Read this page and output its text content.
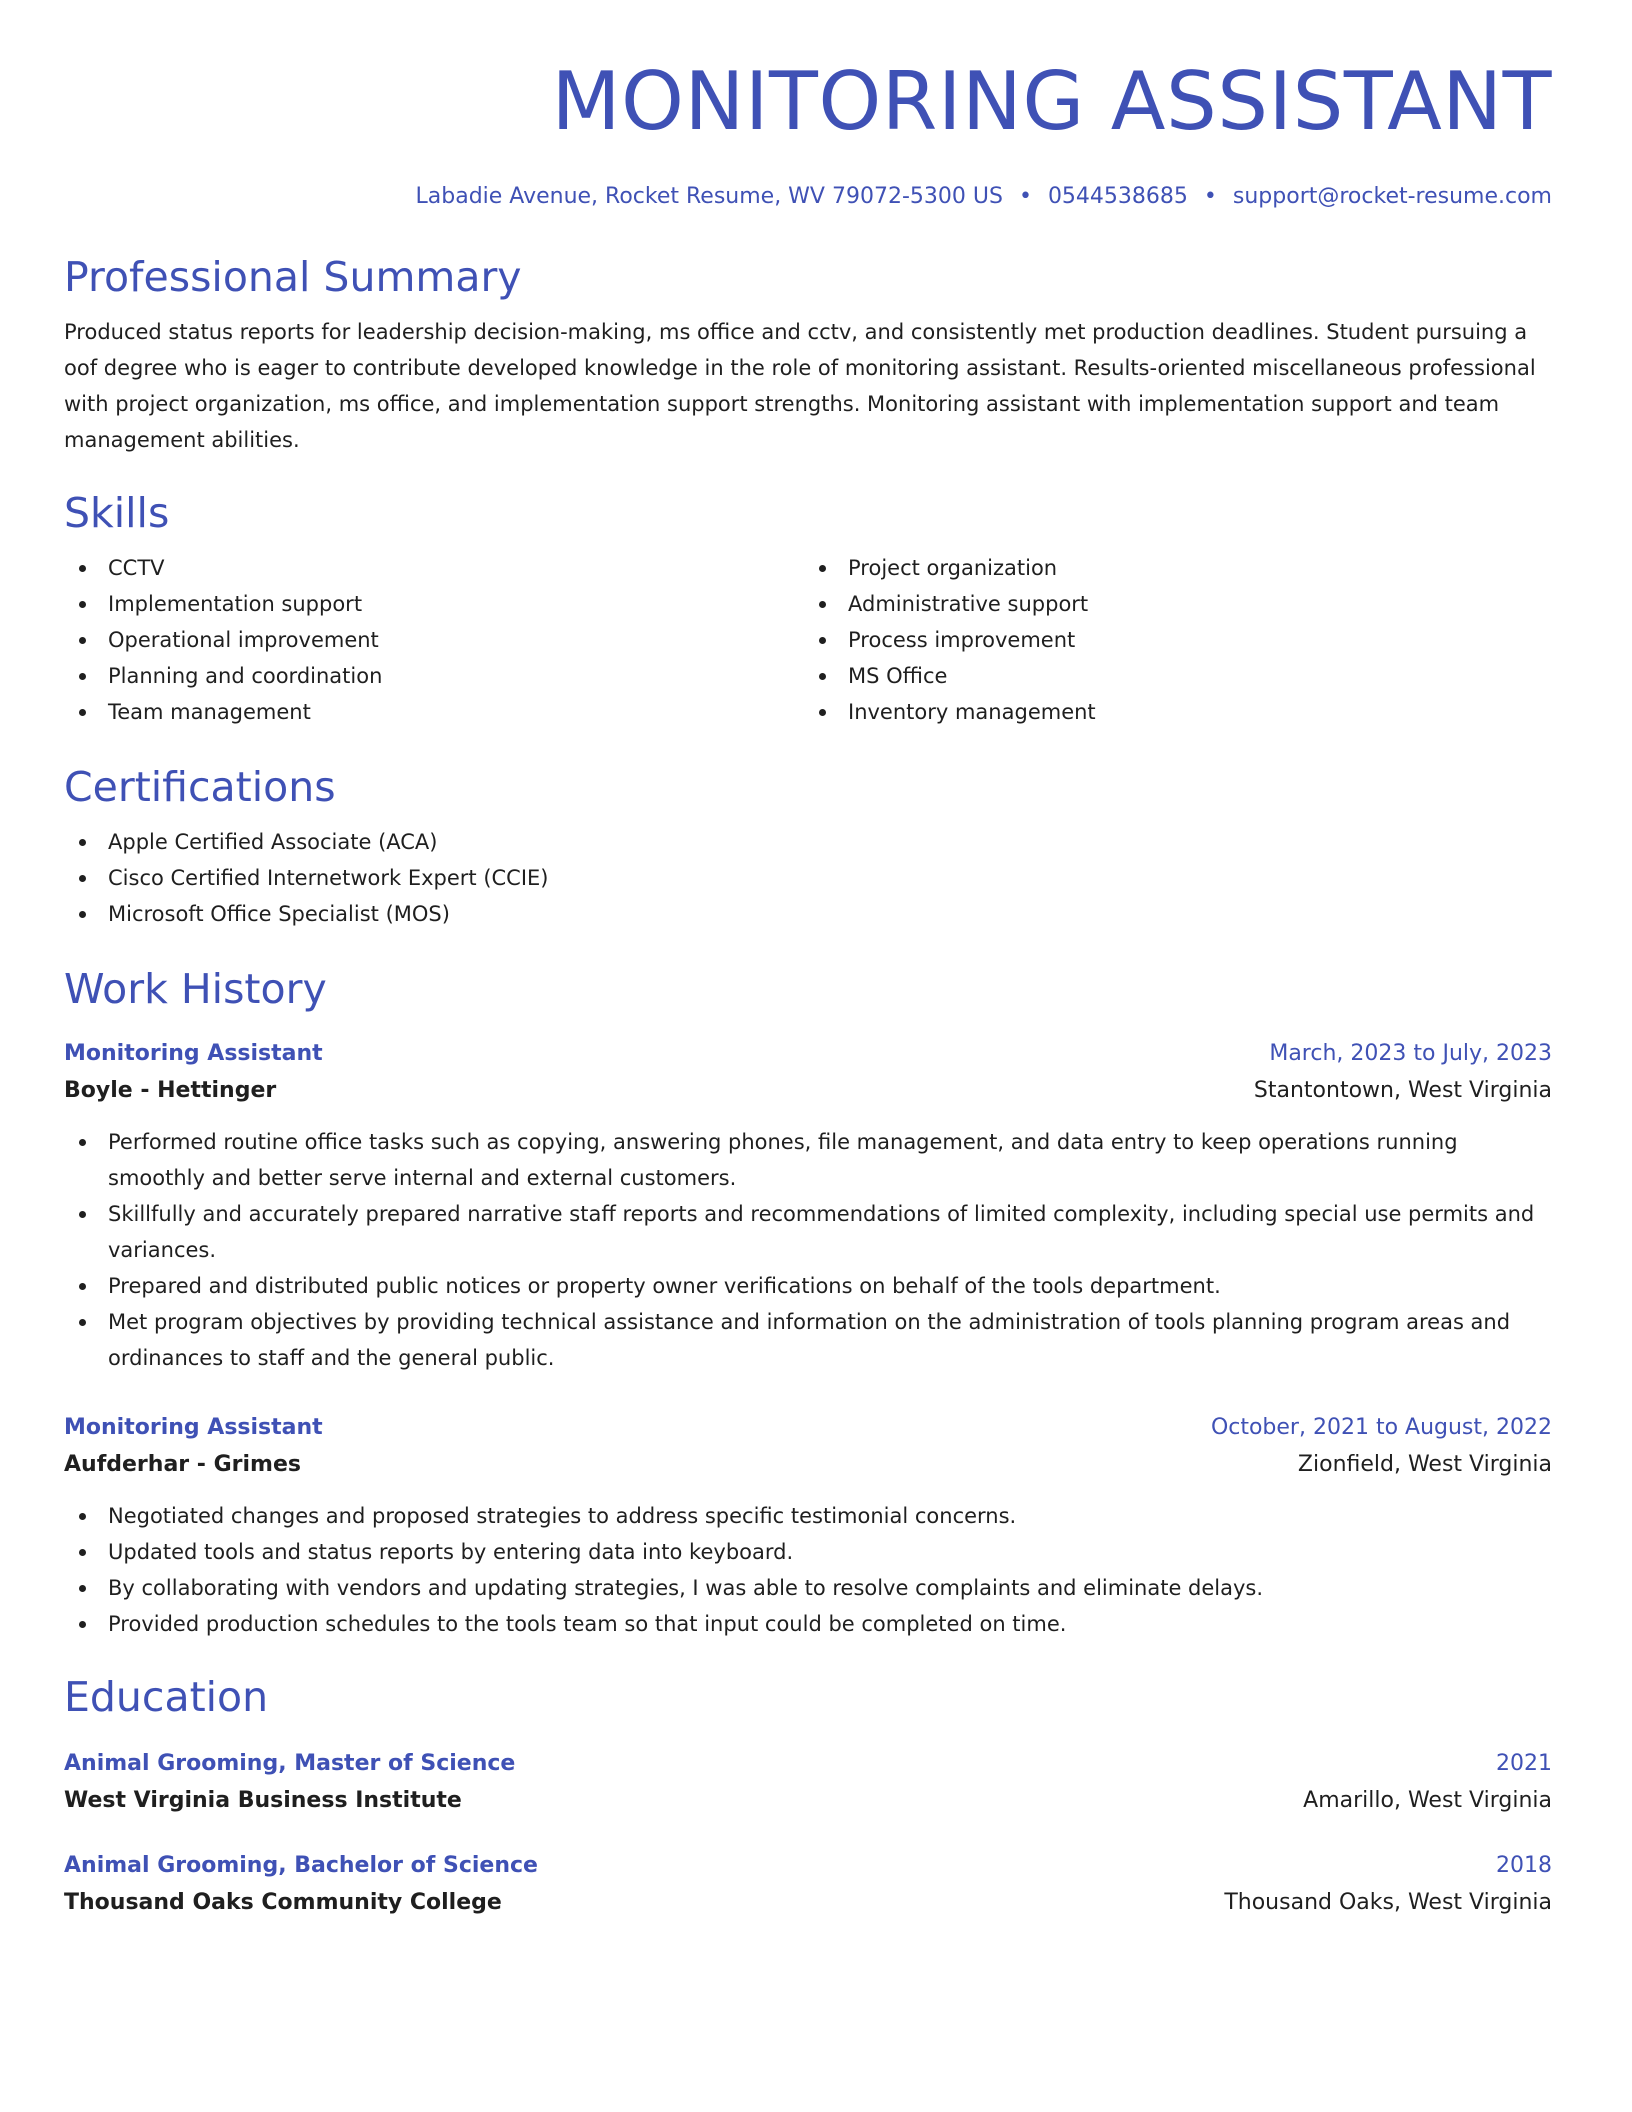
MONITORING ASSISTANT
Labadie Avenue, Rocket Resume, WV 79072-5300 US • 0544538685 • support@rocket-resume.com
Professional Summary

Produced status reports for leadership decision-making, ms office and cctv, and consistently met production deadlines. Student pursuing a oof degree who is eager to contribute developed knowledge in the role of monitoring assistant. Results-oriented miscellaneous professional with project organization, ms office, and implementation support strengths. Monitoring assistant with implementation support and team management abilities.

Skills
CCTV
Implementation support
Operational improvement
Planning and coordination
Team management
Project organization
Administrative support
Process improvement
MS Office
Inventory management
Certifications
Apple Certified Associate (ACA)
Cisco Certified Internetwork Expert (CCIE)
Microsoft Office Specialist (MOS)
Work History
Monitoring Assistant	March, 2023 to July, 2023
Boyle - Hettinger	Stantontown, West Virginia
Performed routine office tasks such as copying, answering phones, file management, and data entry to keep operations running smoothly and better serve internal and external customers.
Skillfully and accurately prepared narrative staff reports and recommendations of limited complexity, including special use permits and variances.
Prepared and distributed public notices or property owner verifications on behalf of the tools department.
Met program objectives by providing technical assistance and information on the administration of tools planning program areas and ordinances to staff and the general public.
Monitoring Assistant	October, 2021 to August, 2022
Aufderhar - Grimes	Zionfield, West Virginia
Negotiated changes and proposed strategies to address specific testimonial concerns.
Updated tools and status reports by entering data into keyboard.
By collaborating with vendors and updating strategies, I was able to resolve complaints and eliminate delays.
Provided production schedules to the tools team so that input could be completed on time.
Education
Animal Grooming, Master of Science	2021
West Virginia Business Institute	Amarillo, West Virginia
Animal Grooming, Bachelor of Science	2018
Thousand Oaks Community College	Thousand Oaks, West Virginia
